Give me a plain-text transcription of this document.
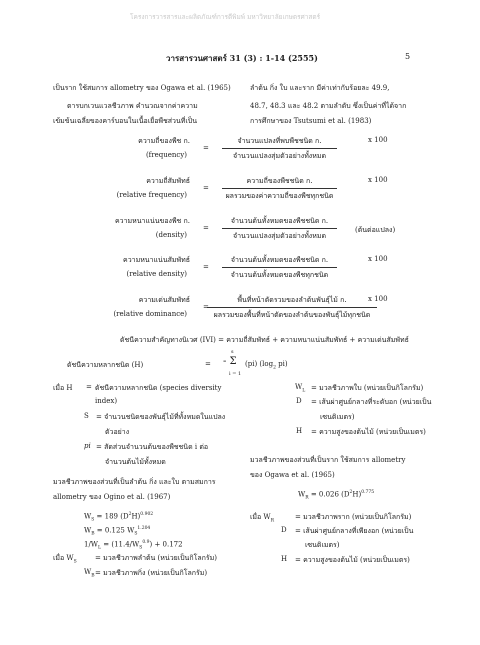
โครงการวารสารและผลิตภัณฑ์การตีพิมพ์ มหาวิทยาลัยเกษตรศาสตร์
วารสารวนศาสตร์ 31 (3) : 1-14 (2555)	5
เป็นราก ใช้สมการ allometry ของ Ogawa et al. (1965)
ตารบกเวนแวลชีวภาพ คำนวณจากค่าความ
เข้มข้นเฉลี่ยของคาร์บอนในเนื้อเยื่อพืชส่วนที่เป็น
ลำต้น กิ่ง ใบ และราก มีค่าเท่ากับร้อยละ 49.9,
48.7, 48.3 และ 48.2 ตามลำดับ ซึ่งเป็นค่าที่ได้จาก
การศึกษาของ Tsutsumi et al. (1983)
ความถี่ของพืช ก.
(frequency)
=
จำนวนแปลงที่พบพืชชนิด ก.
จำนวนแปลงสุ่มตัวอย่างทั้งหมด
x 100
ความถี่สัมพัทธ์
(relative frequency)
=
ความถี่ของพืชชนิด ก.
ผลรวมของค่าความถี่ของพืชทุกชนิด
x 100
ความหนาแน่นของพืช ก.
(density)
=
จำนวนต้นทั้งหมดของพืชชนิด ก.
จำนวนแปลงสุ่มตัวอย่างทั้งหมด
(ต้นต่อแปลง)
ความหนาแน่นสัมพัทธ์
(relative density)
=
จำนวนต้นทั้งหมดของพืชชนิด ก.
จำนวนต้นทั้งหมดของพืชทุกชนิด
x 100
ความเด่นสัมพัทธ์
(relative dominance)
=
พื้นที่หน้าตัดรวมของลำต้นพันธุ์ไม้ ก.
ผลรวมของพื้นที่หน้าตัดของลำต้นของพันธุ์ไม้ทุกชนิด
x 100
ดัชนีความสำคัญทางนิเวศ (IVI) = ความถี่สัมพัทธ์ + ความหนาแน่นสัมพัทธ์ + ความเด่นสัมพัทธ์
ดัชนีความหลากชนิด (H)	=
s
- Σ
i = 1
(pi) ($\log_2$ pi)
เมื่อ H = ดัชนีความหลากชนิด (species diversity
index)
S = จำนวนชนิดของพันธุ์ไม้ที่ทั้งหมดในแปลง
ตัวอย่าง
pi = สัดส่วนจำนวนต้นของพืชชนิด i ต่อ
จำนวนต้นไม้ทั้งหมด
$W_L$ = มวลชีวภาพใบ (หน่วยเป็นกิโลกรัม)
D = เส้นผ่าศูนย์กลางที่ระดับอก (หน่วยเป็น
เซนติเมตร)
H = ความสูงของต้นไม้ (หน่วยเป็นเมตร)
มวลชีวภาพของส่วนที่เป็นลำต้น กิ่ง และใบ ตามสมการ
allometry ของ Ogino et al. (1967)
มวลชีวภาพของส่วนที่เป็นราก ใช้สมการ allometry
ของ Ogawa et al. (1965)
$W_R = 0.026$ $(D^2H)^{0.775}$
$W_S = 189$ $(D^2H)^{0.902}$
$W_B = 0.125$ $W_S^{1.204}$
$1/W_L = (11.4/W_S^{0.9}) + 0.172$
เมื่อ $W_S$	= มวลชีวภาพลำต้น (หน่วยเป็นกิโลกรัม)
$W_B$ = มวลชีวภาพกิ่ง (หน่วยเป็นกิโลกรัม)
เมื่อ $W_R$	= มวลชีวภาพราก (หน่วยเป็นกิโลกรัม)
D = เส้นผ่าศูนย์กลางที่เพียงอก (หน่วยเป็น
เซนติเมตร)
H = ความสูงของต้นไม้ (หน่วยเป็นเมตร)
